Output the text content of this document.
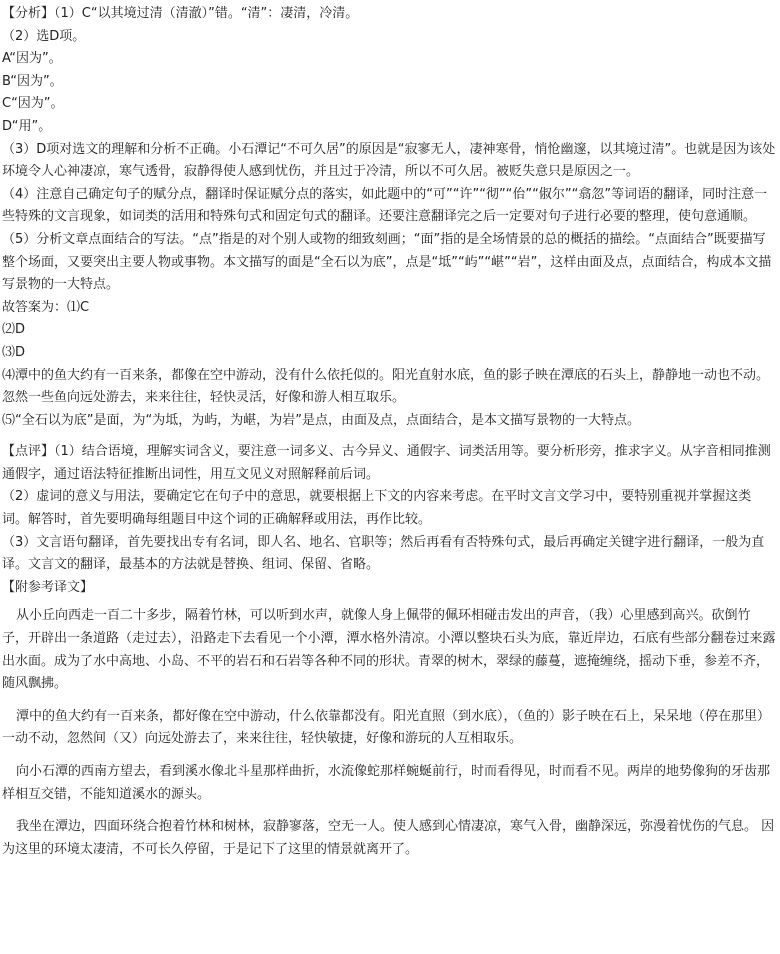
【分析】（1）C“以其境过清（清澈）”错。“清”：凄清，冷清。
（2）选D项。
A“因为”。
B“因为”。
C“因为”。
D“用”。
（3）D项对选文的理解和分析不正确。小石潭记“不可久居”的原因是“寂寥无人，凄神寒骨，悄怆幽邃，以其境过清”。也就是因为该处环境令人心神凄凉，寒气透骨，寂静得使人感到忧伤，并且过于冷清，所以不可久居。被贬失意只是原因之一。
（4）注意自己确定句子的赋分点，翻译时保证赋分点的落实，如此题中的“可”“许”“彻”“佁”“俶尔”“翕忽”等词语的翻译，同时注意一些特殊的文言现象，如词类的活用和特殊句式和固定句式的翻译。还要注意翻译完之后一定要对句子进行必要的整理，使句意通顺。
（5）分析文章点面结合的写法。“点”指是的对个别人或物的细致刻画；“面”指的是全场情景的总的概括的描绘。“点面结合”既要描写整个场面，又要突出主要人物或事物。本文描写的面是“全石以为底”，点是“坻”“屿”“嵁”“岩”，这样由面及点，点面结合，构成本文描写景物的一大特点。
故答案为：⑴C
⑵D
⑶D
⑷潭中的鱼大约有一百来条，都像在空中游动，没有什么依托似的。阳光直射水底，鱼的影子映在潭底的石头上，静静地一动也不动。忽然一些鱼向远处游去，来来往往，轻快灵活，好像和游人相互取乐。
⑸“全石以为底”是面，为“为坻，为屿，为嵁，为岩”是点，由面及点，点面结合，是本文描写景物的一大特点。
【点评】（1）结合语境，理解实词含义，要注意一词多义、古今异义、通假字、词类活用等。要分析形旁，推求字义。从字音相同推测通假字，通过语法特征推断出词性，用互文见义对照解释前后词。
（2）虚词的意义与用法，要确定它在句子中的意思，就要根据上下文的内容来考虑。在平时文言文学习中，要特别重视并掌握这类词。解答时，首先要明确每组题目中这个词的正确解释或用法，再作比较。
（3）文言语句翻译，首先要找出专有名词，即人名、地名、官职等；然后再看有否特殊句式，最后再确定关键字进行翻译，一般为直译。文言文的翻译，最基本的方法就是替换、组词、保留、省略。
【附参考译文】
从小丘向西走一百二十多步，隔着竹林，可以听到水声，就像人身上佩带的佩环相碰击发出的声音，（我）心里感到高兴。砍倒竹子，开辟出一条道路（走过去），沿路走下去看见一个小潭，潭水格外清凉。小潭以整块石头为底，靠近岸边，石底有些部分翻卷过来露出水面。成为了水中高地、小岛、不平的岩石和石岩等各种不同的形状。青翠的树木，翠绿的藤蔓，遮掩缠绕，摇动下垂，参差不齐，随风飘拂。
潭中的鱼大约有一百来条，都好像在空中游动，什么依靠都没有。阳光直照（到水底），（鱼的）影子映在石上，呆呆地（停在那里）一动不动，忽然间（又）向远处游去了，来来往往，轻快敏捷，好像和游玩的人互相取乐。
向小石潭的西南方望去，看到溪水像北斗星那样曲折，水流像蛇那样蜿蜒前行，时而看得见，时而看不见。两岸的地势像狗的牙齿那样相互交错，不能知道溪水的源头。
我坐在潭边，四面环绕合抱着竹林和树林，寂静寥落，空无一人。使人感到心情凄凉，寒气入骨，幽静深远，弥漫着忧伤的气息。 因为这里的环境太凄清，不可长久停留，于是记下了这里的情景就离开了。
